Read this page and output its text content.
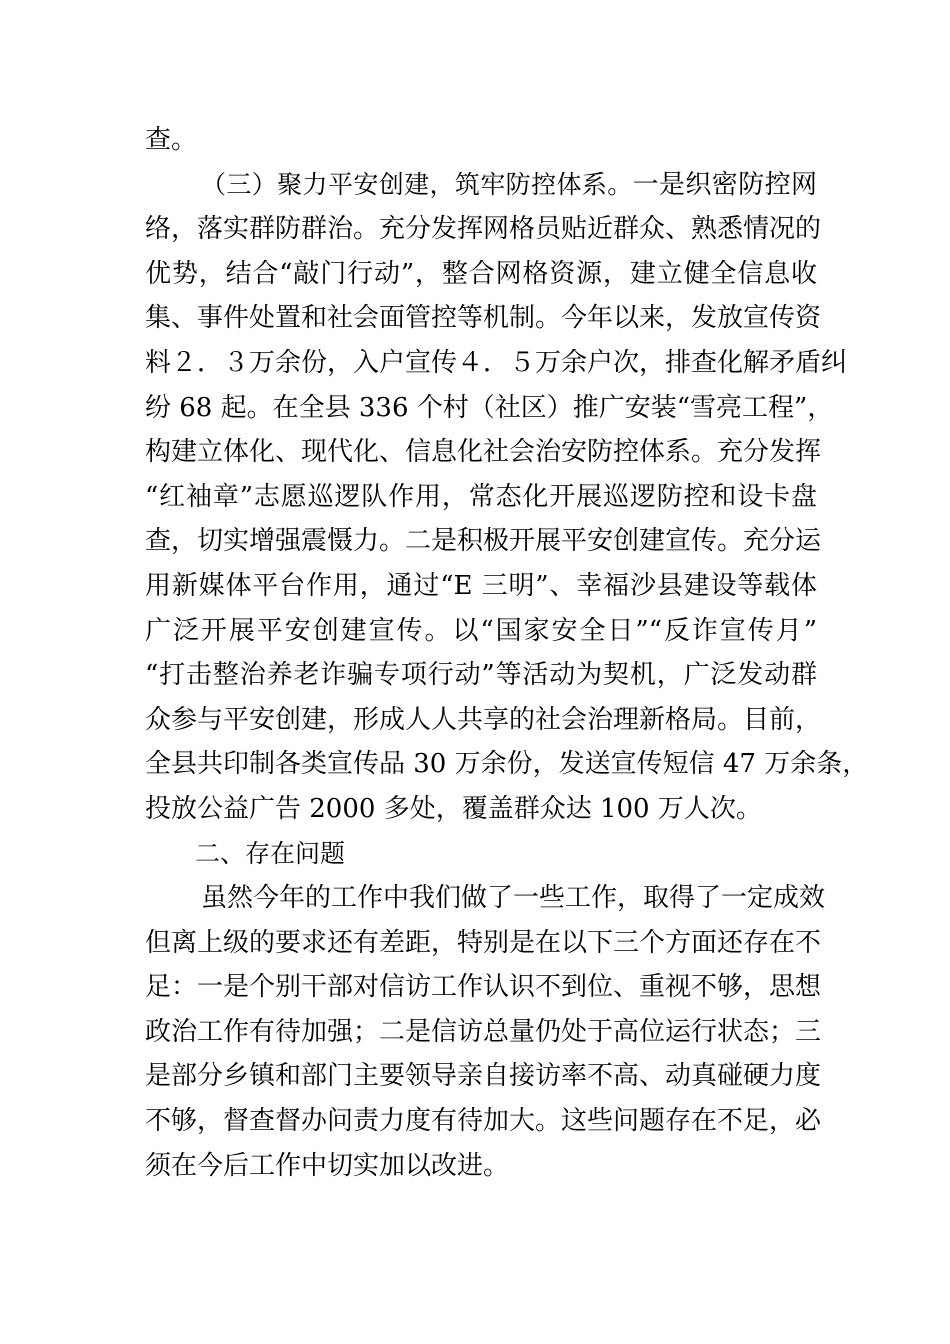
查。
（三）聚力平安创建，筑牢防控体系。一是织密防控网
络，落实群防群治。充分发挥网格员贴近群众、熟悉情况的
优势，结合“敲门行动”，整合网格资源，建立健全信息收
集、事件处置和社会面管控等机制。今年以来，发放宣传资
料２．３万余份，入户宣传４．５万余户次，排查化解矛盾纠
纷 68 起。在全县 336 个村（社区）推广安装“雪亮工程”，
构建立体化、现代化、信息化社会治安防控体系。充分发挥
“红袖章”志愿巡逻队作用，常态化开展巡逻防控和设卡盘
查，切实增强震慑力。二是积极开展平安创建宣传。充分运
用新媒体平台作用，通过“E 三明”、幸福沙县建设等载体
广泛开展平安创建宣传。以“国家安全日”“反诈宣传月”
“打击整治养老诈骗专项行动”等活动为契机，广泛发动群
众参与平安创建，形成人人共享的社会治理新格局。目前，
全县共印制各类宣传品 30 万余份，发送宣传短信 47 万余条，
投放公益广告 2000 多处，覆盖群众达 100 万人次。
二、存在问题
虽然今年的工作中我们做了一些工作，取得了一定成效
但离上级的要求还有差距，特别是在以下三个方面还存在不
足：一是个别干部对信访工作认识不到位、重视不够，思想
政治工作有待加强；二是信访总量仍处于高位运行状态；三
是部分乡镇和部门主要领导亲自接访率不高、动真碰硬力度
不够，督查督办问责力度有待加大。这些问题存在不足，必
须在今后工作中切实加以改进。
